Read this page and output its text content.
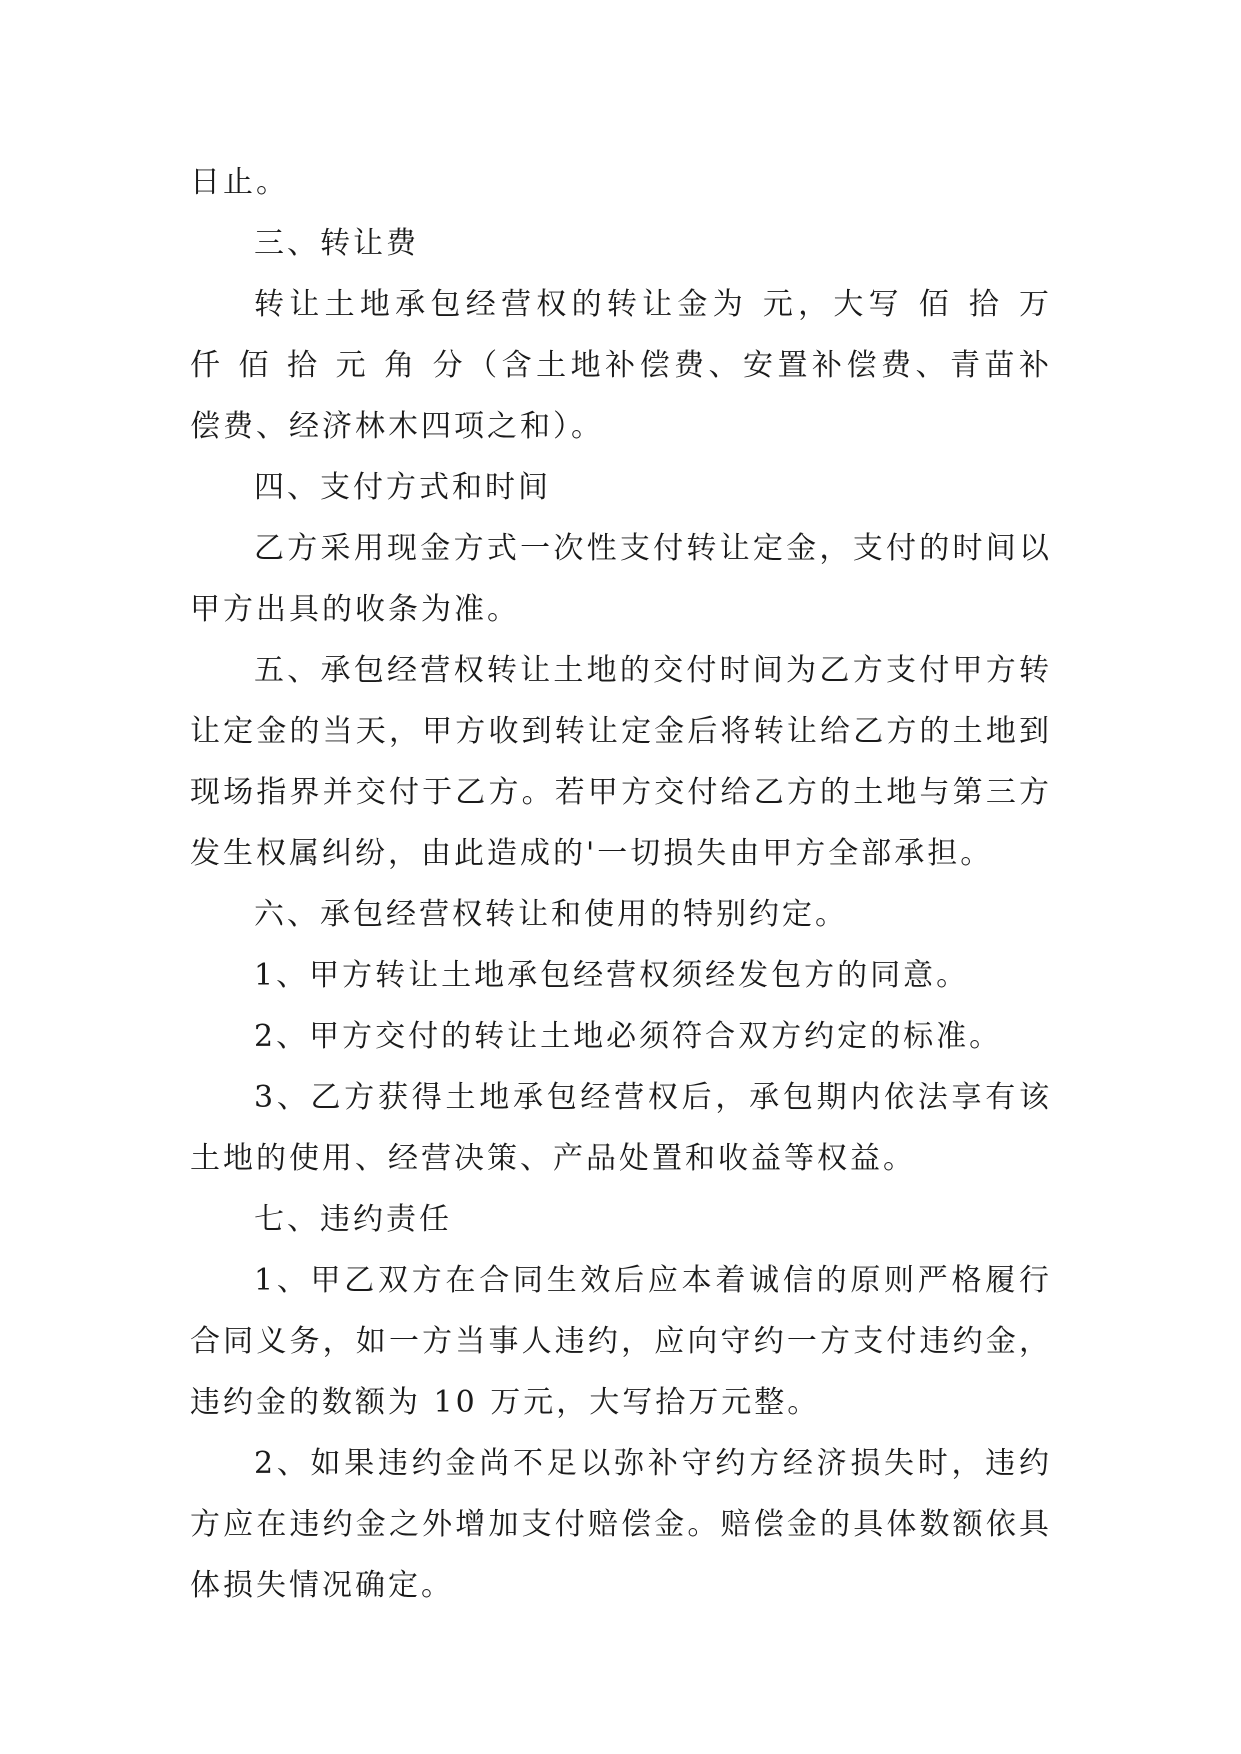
日止。
三、转让费
转让土地承包经营权的转让金为 元，大写 佰 拾 万
仟 佰 拾 元 角 分（含土地补偿费、安置补偿费、青苗补
偿费、经济林木四项之和）。
四、支付方式和时间
乙方采用现金方式一次性支付转让定金，支付的时间以
甲方出具的收条为准。
五、承包经营权转让土地的交付时间为乙方支付甲方转
让定金的当天，甲方收到转让定金后将转让给乙方的土地到
现场指界并交付于乙方。若甲方交付给乙方的土地与第三方
发生权属纠纷，由此造成的'一切损失由甲方全部承担。
六、承包经营权转让和使用的特别约定。
1、甲方转让土地承包经营权须经发包方的同意。
2、甲方交付的转让土地必须符合双方约定的标准。
3、乙方获得土地承包经营权后，承包期内依法享有该
土地的使用、经营决策、产品处置和收益等权益。
七、违约责任
1、甲乙双方在合同生效后应本着诚信的原则严格履行
合同义务，如一方当事人违约，应向守约一方支付违约金，
违约金的数额为 10 万元，大写拾万元整。
2、如果违约金尚不足以弥补守约方经济损失时，违约
方应在违约金之外增加支付赔偿金。赔偿金的具体数额依具
体损失情况确定。
